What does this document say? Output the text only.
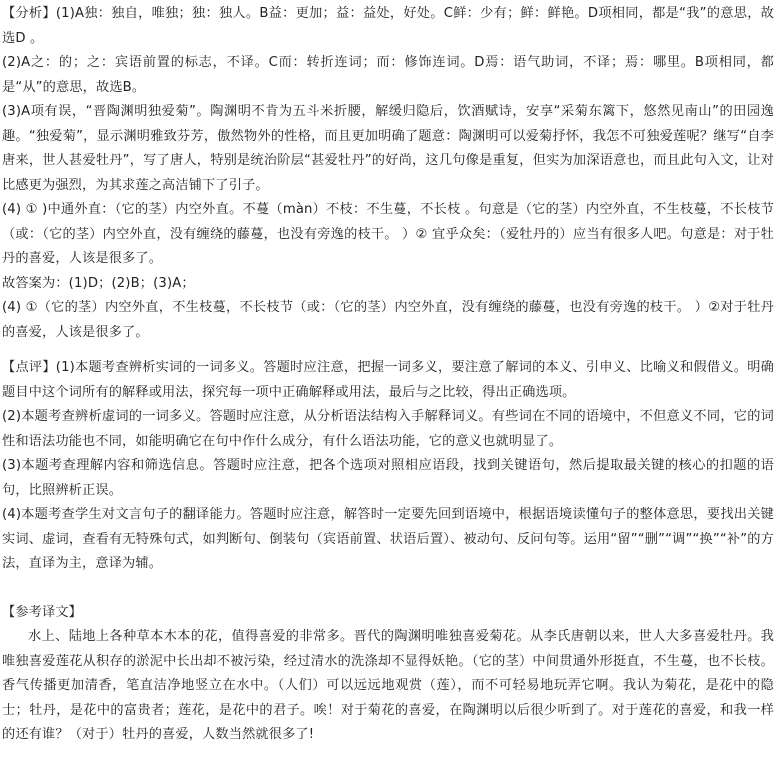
【分析】(1)A独：独自，唯独；独：独人。B益：更加；益：益处，好处。C鲜：少有；鲜：鲜艳。D项相同，都是“我”的意思，故选D 。

(2)A之：的；之：宾语前置的标志，不译。C而：转折连词；而：修饰连词。D焉：语气助词，不译；焉：哪里。B项相同，都是“从”的意思，故选B。

(3)A项有误，“晋陶渊明独爱菊”。陶渊明不肯为五斗米折腰，解缓归隐后，饮酒赋诗，安享“采菊东篱下，悠然见南山”的田园逸趣。“独爱菊”，显示渊明雅致芬芳，傲然物外的性格，而且更加明确了题意：陶渊明可以爱菊抒怀，我怎不可独爱莲呢？继写“自李唐来，世人甚爱牡丹”，写了唐人，特别是统治阶层“甚爱牡丹”的好尚，这几句像是重复，但实为加深语意也，而且此句入文，让对比感更为强烈，为其求莲之高洁铺下了引子。

(4) ① )中通外直：（它的茎）内空外直。不蔓（màn）不枝：不生蔓，不长枝 。句意是（它的茎）内空外直，不生枝蔓，不长枝节（或：（它的茎）内空外直，没有缠绕的藤蔓，也没有旁逸的枝干。 ）② 宜乎众矣：（爱牡丹的）应当有很多人吧。句意是：对于牡丹的喜爱，人该是很多了。

故答案为：(1)D；(2)B；(3)A；

(4) ①（它的茎）内空外直，不生枝蔓，不长枝节（或：（它的茎）内空外直，没有缠绕的藤蔓，也没有旁逸的枝干。 ）②对于牡丹的喜爱，人该是很多了。

【点评】(1)本题考查辨析实词的一词多义。答题时应注意，把握一词多义，要注意了解词的本义、引申义、比喻义和假借义。明确题目中这个词所有的解释或用法，探究每一项中正确解释或用法，最后与之比较，得出正确选项。

(2)本题考查辨析虚词的一词多义。答题时应注意，从分析语法结构入手解释词义。有些词在不同的语境中，不但意义不同，它的词性和语法功能也不同，如能明确它在句中作什么成分，有什么语法功能，它的意义也就明显了。

(3)本题考查理解内容和筛选信息。答题时应注意，把各个选项对照相应语段，找到关键语句，然后提取最关键的核心的扣题的语句，比照辨析正误。

(4)本题考查学生对文言句子的翻译能力。答题时应注意，解答时一定要先回到语境中，根据语境读懂句子的整体意思，要找出关键实词、虚词，查看有无特殊句式，如判断句、倒装句（宾语前置、状语后置）、被动句、反问句等。运用“留”“删”“调”“换”“补”的方法，直译为主，意译为辅。

【参考译文】

水上、陆地上各种草本木本的花，值得喜爱的非常多。晋代的陶渊明唯独喜爱菊花。从李氏唐朝以来，世人大多喜爱牡丹。我唯独喜爱莲花从积存的淤泥中长出却不被污染，经过清水的洗涤却不显得妖艳。（它的茎）中间贯通外形挺直，不生蔓，也不长枝。香气传播更加清香，笔直洁净地竖立在水中。（人们）可以远远地观赏（莲），而不可轻易地玩弄它啊。我认为菊花，是花中的隐士；牡丹，是花中的富贵者；莲花，是花中的君子。唉！对于菊花的喜爱，在陶渊明以后很少听到了。对于莲花的喜爱，和我一样的还有谁？（对于）牡丹的喜爱，人数当然就很多了!
